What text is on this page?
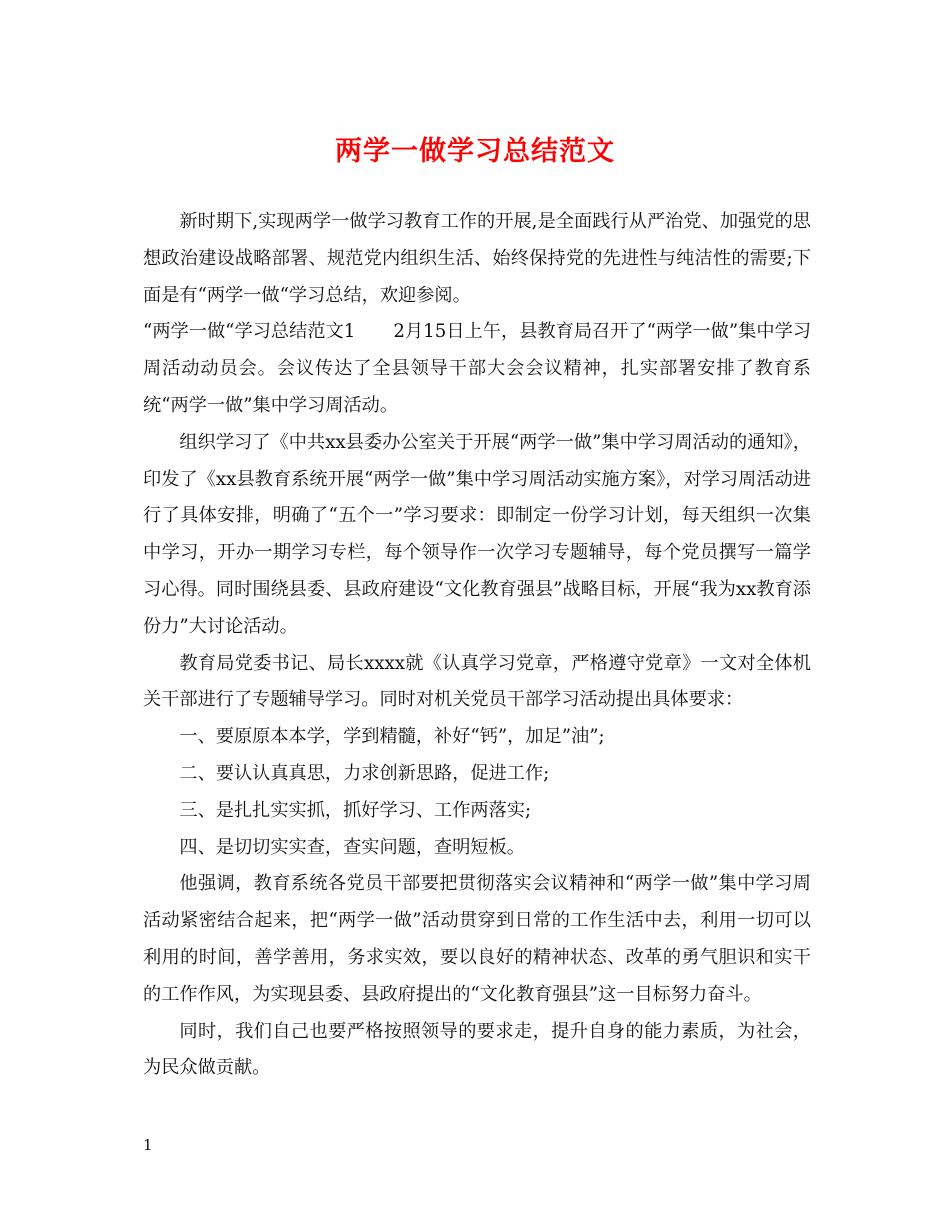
两学一做学习总结范文

新时期下,实现两学一做学习教育工作的开展,是全面践行从严治党、加强党的思想政治建设战略部署、规范党内组织生活、始终保持党的先进性与纯洁性的需要;下面是有“两学一做“学习总结，欢迎参阅。

“两学一做“学习总结范文1 2月15日上午，县教育局召开了“两学一做”集中学习周活动动员会。会议传达了全县领导干部大会会议精神，扎实部署安排了教育系统“两学一做”集中学习周活动。

组织学习了《中共xx县委办公室关于开展“两学一做”集中学习周活动的通知》，印发了《xx县教育系统开展“两学一做”集中学习周活动实施方案》，对学习周活动进行了具体安排，明确了“五个一”学习要求：即制定一份学习计划，每天组织一次集中学习，开办一期学习专栏，每个领导作一次学习专题辅导，每个党员撰写一篇学习心得。同时围绕县委、县政府建设“文化教育强县”战略目标，开展“我为xx教育添份力”大讨论活动。

教育局党委书记、局长xxxx就《认真学习党章，严格遵守党章》一文对全体机关干部进行了专题辅导学习。同时对机关党员干部学习活动提出具体要求：

一、要原原本本学，学到精髓，补好“钙”，加足”油”;

二、要认认真真思，力求创新思路，促进工作;

三、是扎扎实实抓，抓好学习、工作两落实;

四、是切切实实查，查实问题，查明短板。

他强调，教育系统各党员干部要把贯彻落实会议精神和“两学一做”集中学习周活动紧密结合起来，把“两学一做”活动贯穿到日常的工作生活中去，利用一切可以利用的时间，善学善用，务求实效，要以良好的精神状态、改革的勇气胆识和实干的工作作风，为实现县委、县政府提出的“文化教育强县”这一目标努力奋斗。

同时，我们自己也要严格按照领导的要求走，提升自身的能力素质，为社会，为民众做贡献。

1
